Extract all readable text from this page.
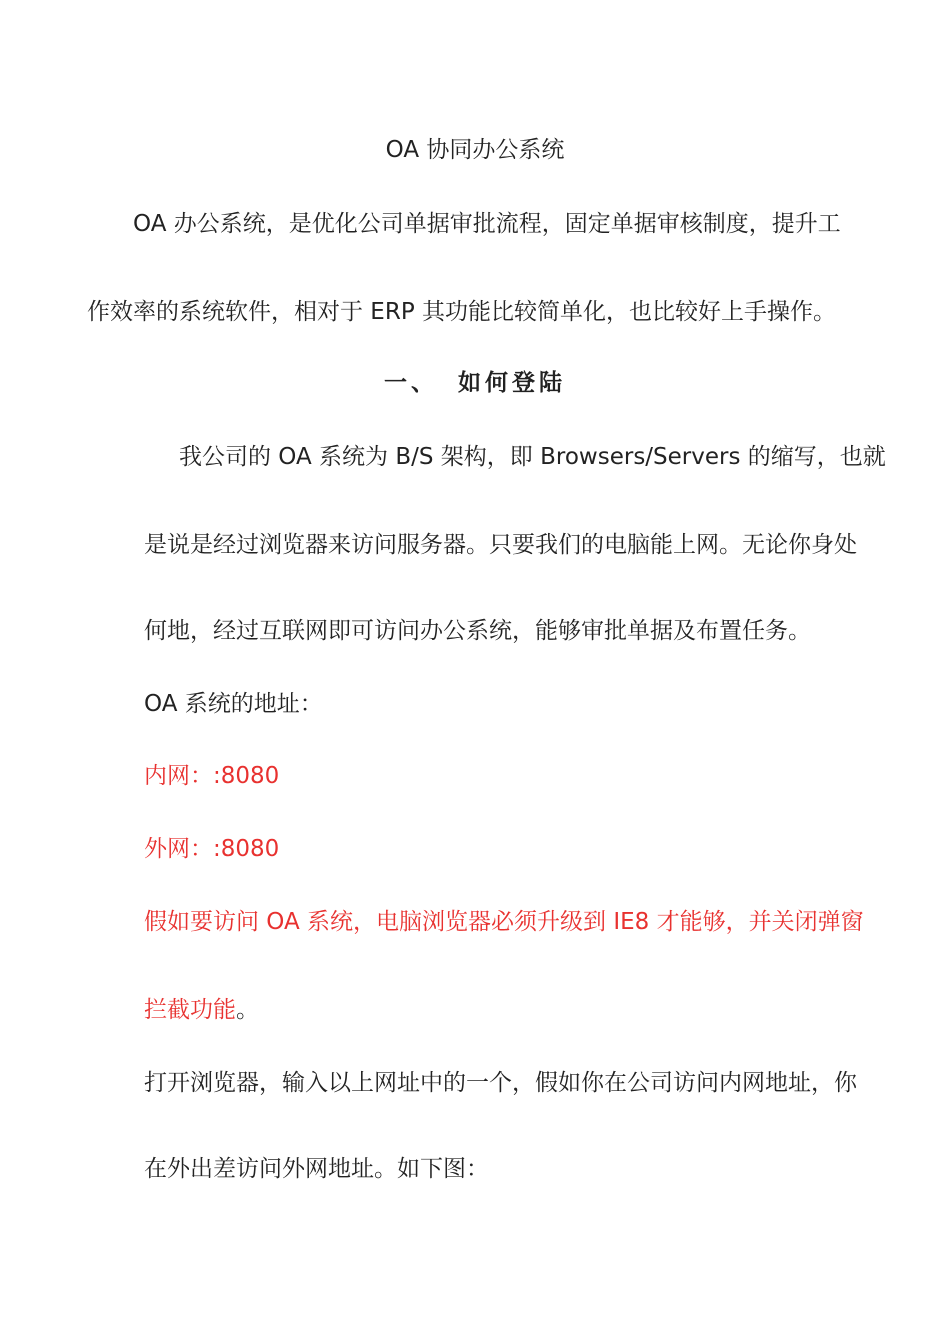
OA 协同办公系统

OA 办公系统，是优化公司单据审批流程，固定单据审核制度，提升工

作效率的系统软件，相对于 ERP 其功能比较简单化，也比较好上手操作。

一、 如何登陆

我公司的 OA 系统为 B/S 架构，即 Browsers/Servers 的缩写，也就

是说是经过浏览器来访问服务器。只要我们的电脑能上网。无论你身处

何地，经过互联网即可访问办公系统，能够审批单据及布置任务。

OA 系统的地址：

内网：:8080

外网：:8080

假如要访问 OA 系统，电脑浏览器必须升级到 IE8 才能够，并关闭弹窗

拦截功能。

打开浏览器，输入以上网址中的一个，假如你在公司访问内网地址，你

在外出差访问外网地址。如下图：
